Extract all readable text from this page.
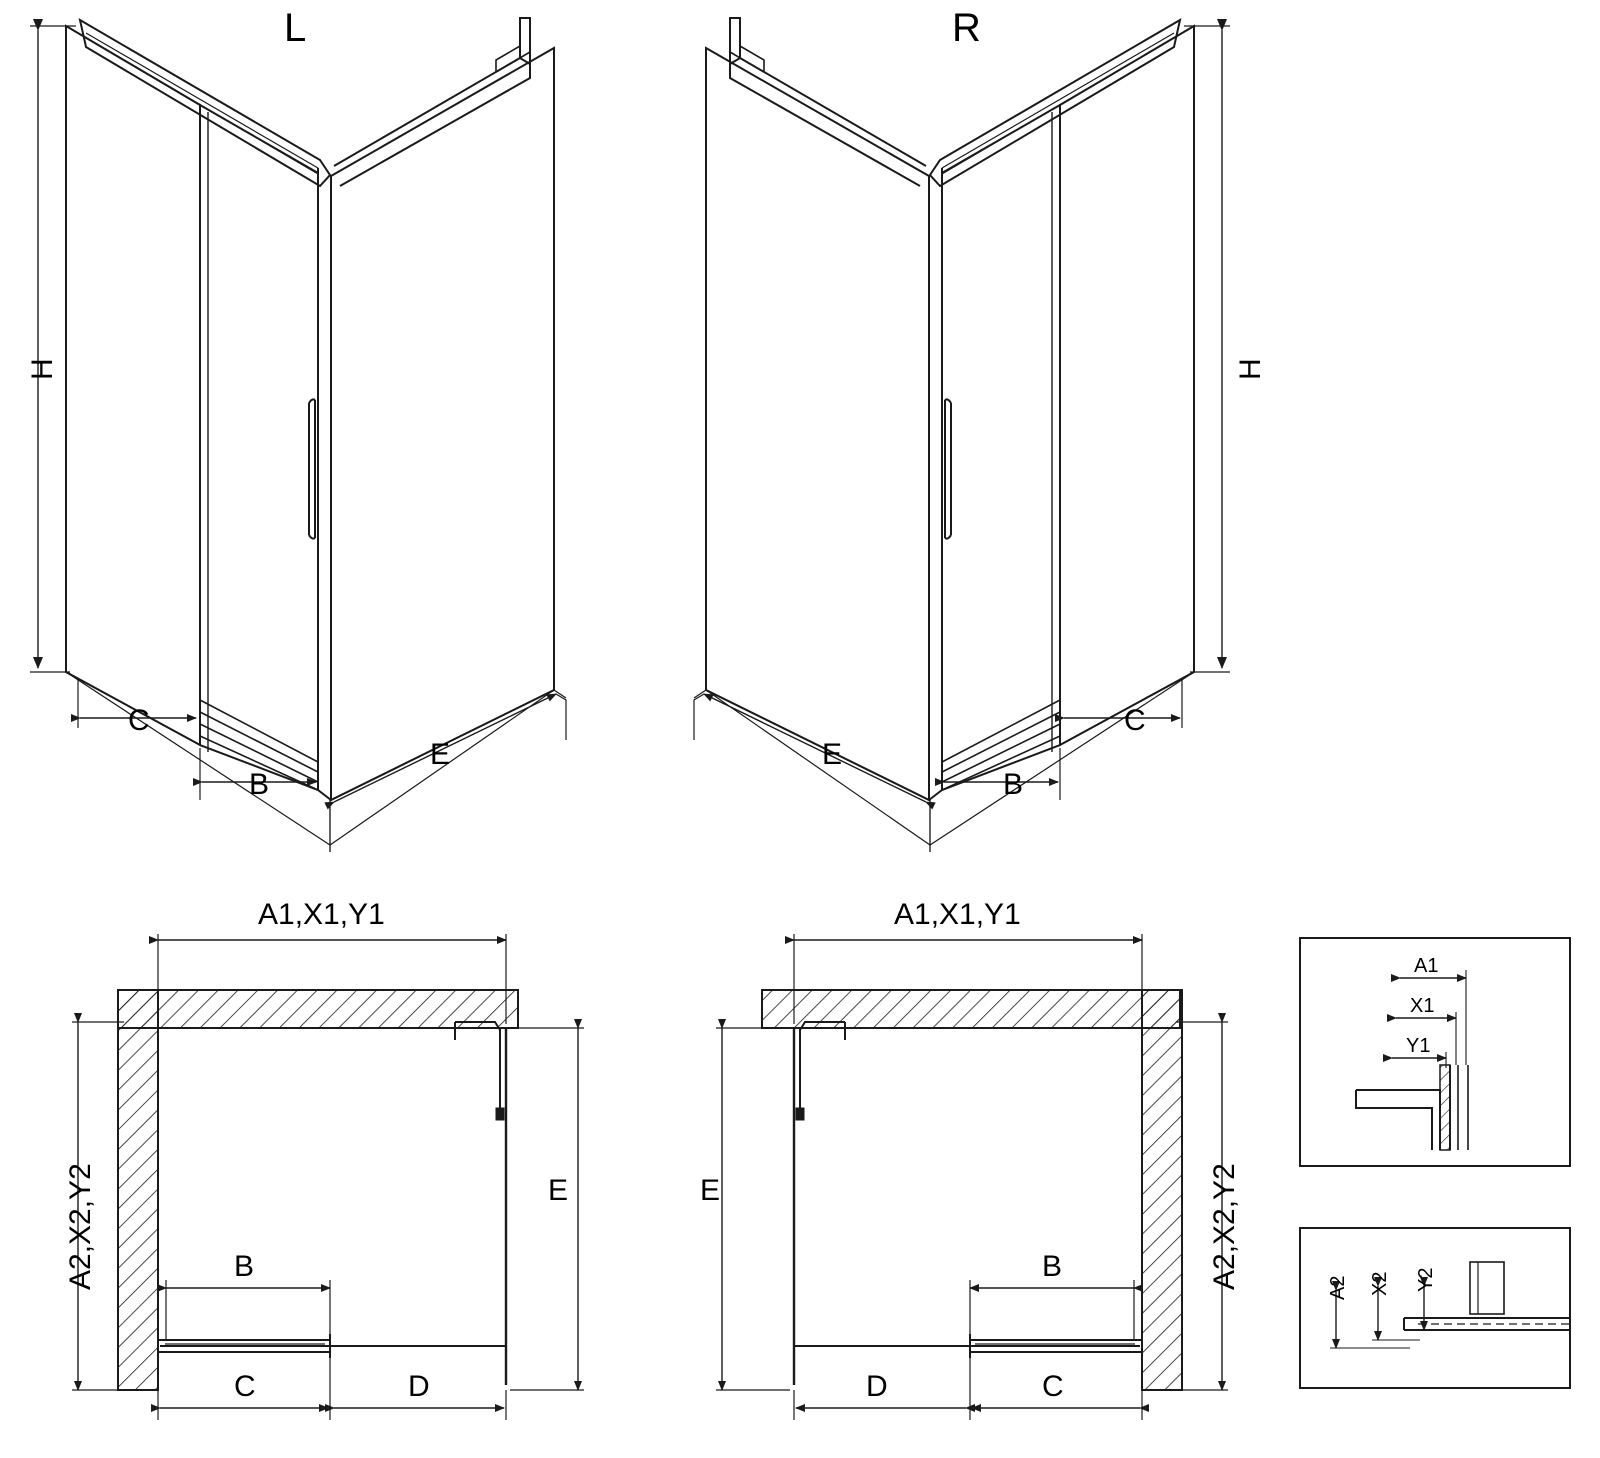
L	R
H	H
C
B
E
C
B
E
A1,X1,Y1
A2,X2,Y2	E
B
C	D
A1,X1,Y1
A2,X2,Y2
E
B
C
D
A1
X1
Y1
A2 X2 Y2
